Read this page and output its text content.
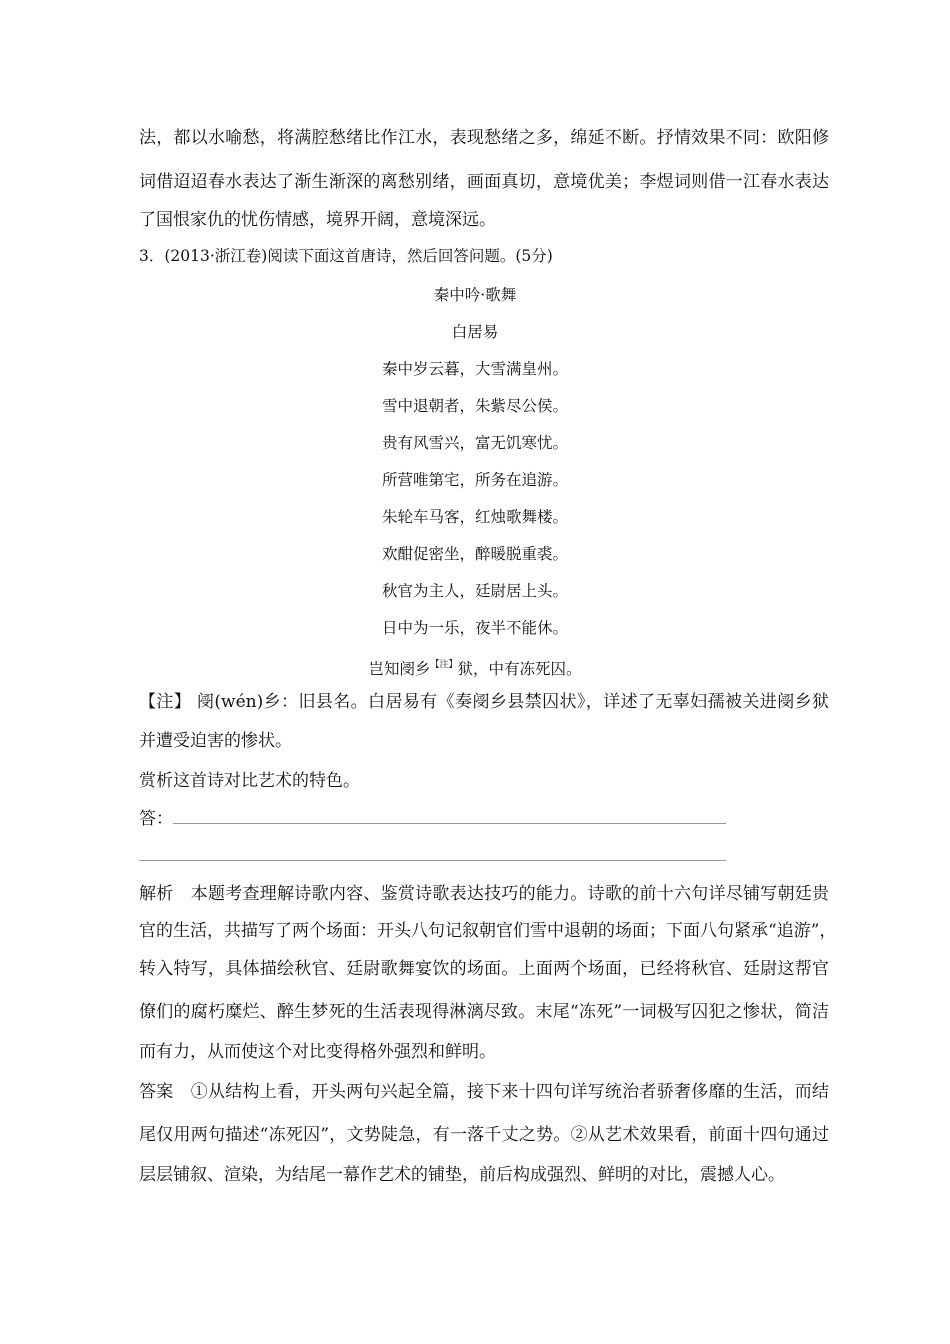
法，都以水喻愁，将满腔愁绪比作江水，表现愁绪之多，绵延不断。抒情效果不同：欧阳修
词借迢迢春水表达了渐生渐深的离愁别绪，画面真切，意境优美；李煜词则借一江春水表达
了国恨家仇的忧伤情感，境界开阔，意境深远。
3．(2013·浙江卷)阅读下面这首唐诗，然后回答问题。(5分)
秦中吟·歌舞
白居易
秦中岁云暮，大雪满皇州。
雪中退朝者，朱紫尽公侯。
贵有风雪兴，富无饥寒忧。
所营唯第宅，所务在追游。
朱轮车马客，红烛歌舞楼。
欢酣促密坐，醉暖脱重裘。
秋官为主人，廷尉居上头。
日中为一乐，夜半不能休。
岂知阌乡$^{【注】}$狱，中有冻死囚。
【注】 阌(wén)乡：旧县名。白居易有《奏阌乡县禁囚状》，详述了无辜妇孺被关进阌乡狱
并遭受迫害的惨状。
赏析这首诗对比艺术的特色。
答：
解析　本题考查理解诗歌内容、鉴赏诗歌表达技巧的能力。诗歌的前十六句详尽铺写朝廷贵
官的生活，共描写了两个场面：开头八句记叙朝官们雪中退朝的场面；下面八句紧承“追游”，
转入特写，具体描绘秋官、廷尉歌舞宴饮的场面。上面两个场面，已经将秋官、廷尉这帮官
僚们的腐朽糜烂、醉生梦死的生活表现得淋漓尽致。末尾“冻死”一词极写囚犯之惨状，简洁
而有力，从而使这个对比变得格外强烈和鲜明。
答案　①从结构上看，开头两句兴起全篇，接下来十四句详写统治者骄奢侈靡的生活，而结
尾仅用两句描述“冻死囚”，文势陡急，有一落千丈之势。②从艺术效果看，前面十四句通过
层层铺叙、渲染，为结尾一幕作艺术的铺垫，前后构成强烈、鲜明的对比，震撼人心。
